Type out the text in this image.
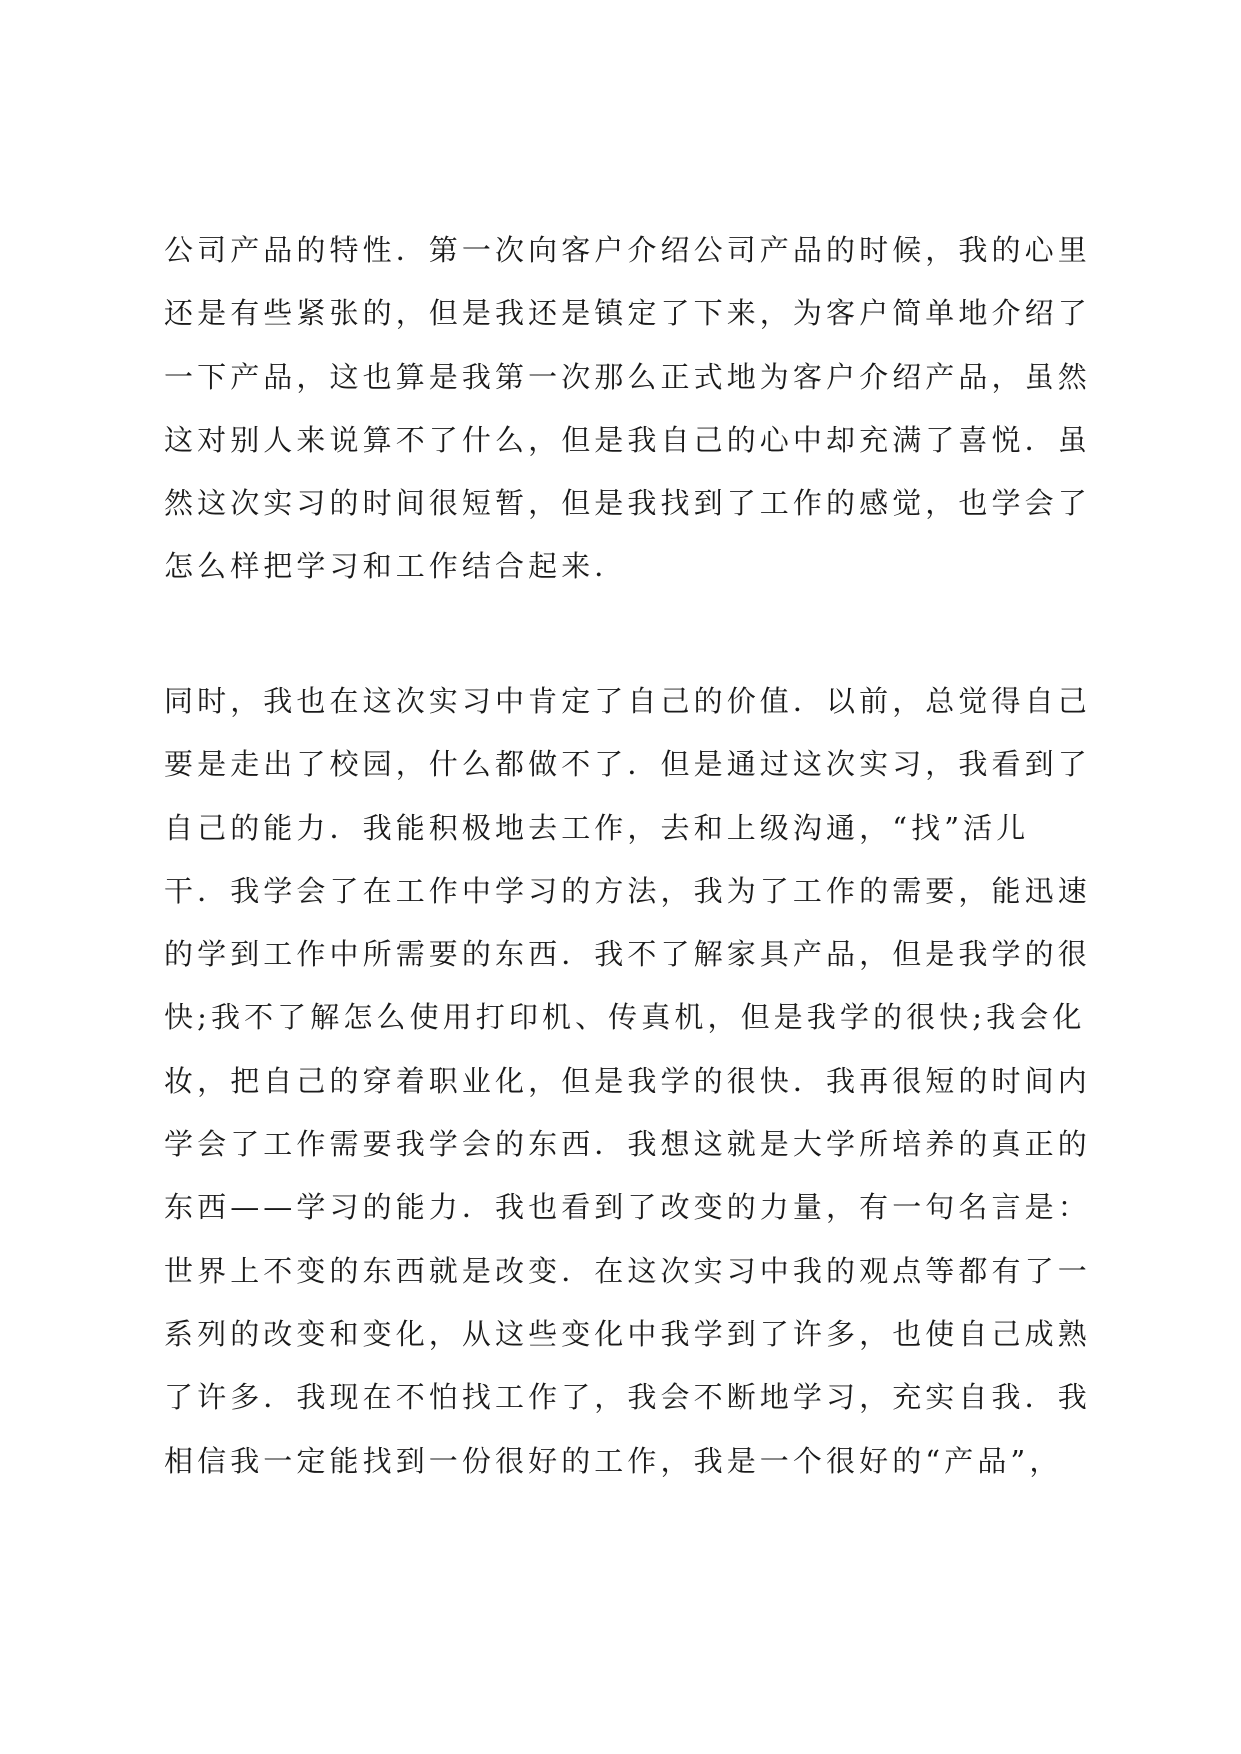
公司产品的特性．第一次向客户介绍公司产品的时候，我的心里
还是有些紧张的，但是我还是镇定了下来，为客户简单地介绍了
一下产品，这也算是我第一次那么正式地为客户介绍产品，虽然
这对别人来说算不了什么，但是我自己的心中却充满了喜悦．虽
然这次实习的时间很短暂，但是我找到了工作的感觉，也学会了
怎么样把学习和工作结合起来．

同时，我也在这次实习中肯定了自己的价值．以前，总觉得自己
要是走出了校园，什么都做不了．但是通过这次实习，我看到了
自己的能力．我能积极地去工作，去和上级沟通，“找”活儿
干．我学会了在工作中学习的方法，我为了工作的需要，能迅速
的学到工作中所需要的东西．我不了解家具产品，但是我学的很
快;我不了解怎么使用打印机、传真机，但是我学的很快;我会化
妆，把自己的穿着职业化，但是我学的很快．我再很短的时间内
学会了工作需要我学会的东西．我想这就是大学所培养的真正的
东西——学习的能力．我也看到了改变的力量，有一句名言是：
世界上不变的东西就是改变．在这次实习中我的观点等都有了一
系列的改变和变化，从这些变化中我学到了许多，也使自己成熟
了许多．我现在不怕找工作了，我会不断地学习，充实自我．我
相信我一定能找到一份很好的工作，我是一个很好的“产品”，
